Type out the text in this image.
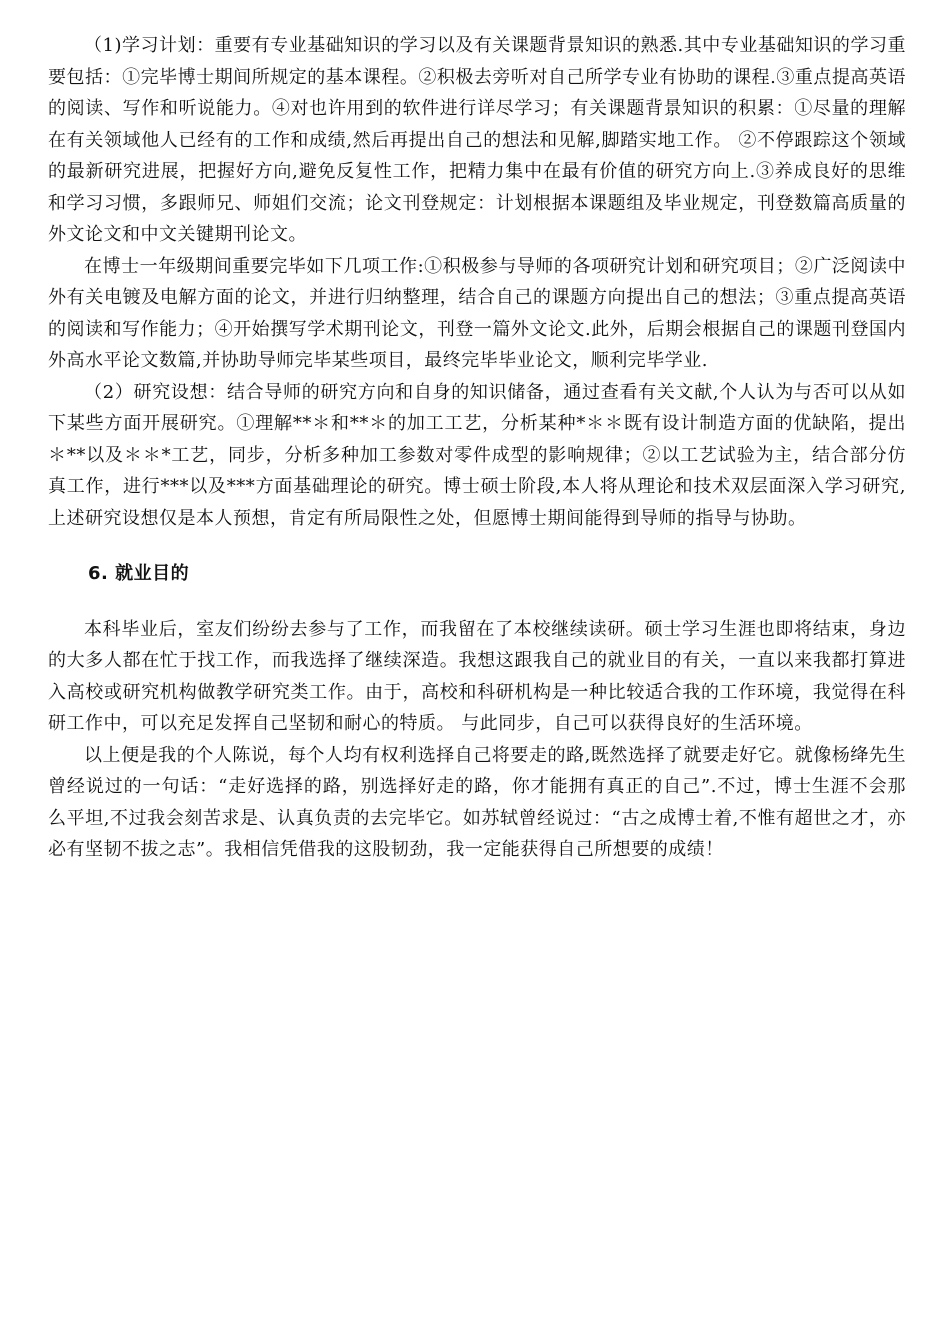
（1)学习计划：重要有专业基础知识的学习以及有关课题背景知识的熟悉.其中专业基础知识的学习重要包括：①完毕博士期间所规定的基本课程。②积极去旁听对自己所学专业有协助的课程.③重点提高英语的阅读、写作和听说能力。④对也许用到的软件进行详尽学习；有关课题背景知识的积累：①尽量的理解在有关领域他人已经有的工作和成绩,然后再提出自己的想法和见解,脚踏实地工作。 ②不停跟踪这个领域的最新研究进展，把握好方向,避免反复性工作，把精力集中在最有价值的研究方向上.③养成良好的思维和学习习惯，多跟师兄、师姐们交流；论文刊登规定：计划根据本课题组及毕业规定，刊登数篇高质量的外文论文和中文关键期刊论文。

在博士一年级期间重要完毕如下几项工作:①积极参与导师的各项研究计划和研究项目；②广泛阅读中外有关电镀及电解方面的论文，并进行归纳整理，结合自己的课题方向提出自己的想法；③重点提高英语的阅读和写作能力；④开始撰写学术期刊论文，刊登一篇外文论文.此外，后期会根据自己的课题刊登国内外高水平论文数篇,并协助导师完毕某些项目，最终完毕毕业论文，顺利完毕学业.

（2）研究设想：结合导师的研究方向和自身的知识储备，通过查看有关文献,个人认为与否可以从如下某些方面开展研究。①理解**＊和**＊的加工工艺，分析某种*＊＊既有设计制造方面的优缺陷，提出＊**以及＊＊*工艺，同步，分析多种加工参数对零件成型的影响规律；②以工艺试验为主，结合部分仿真工作，进行***以及***方面基础理论的研究。博士硕士阶段,本人将从理论和技术双层面深入学习研究,上述研究设想仅是本人预想，肯定有所局限性之处，但愿博士期间能得到导师的指导与协助。

6. 就业目的

本科毕业后，室友们纷纷去参与了工作，而我留在了本校继续读研。硕士学习生涯也即将结束，身边的大多人都在忙于找工作，而我选择了继续深造。我想这跟我自己的就业目的有关，一直以来我都打算进入高校或研究机构做教学研究类工作。由于，高校和科研机构是一种比较适合我的工作环境，我觉得在科研工作中，可以充足发挥自己坚韧和耐心的特质。 与此同步，自己可以获得良好的生活环境。

以上便是我的个人陈说，每个人均有权利选择自己将要走的路,既然选择了就要走好它。就像杨绛先生曾经说过的一句话：“走好选择的路，别选择好走的路，你才能拥有真正的自己”.不过，博士生涯不会那么平坦,不过我会刻苦求是、认真负责的去完毕它。如苏轼曾经说过：“古之成博士着,不惟有超世之才，亦必有坚韧不拔之志”。我相信凭借我的这股韧劲，我一定能获得自己所想要的成绩！
